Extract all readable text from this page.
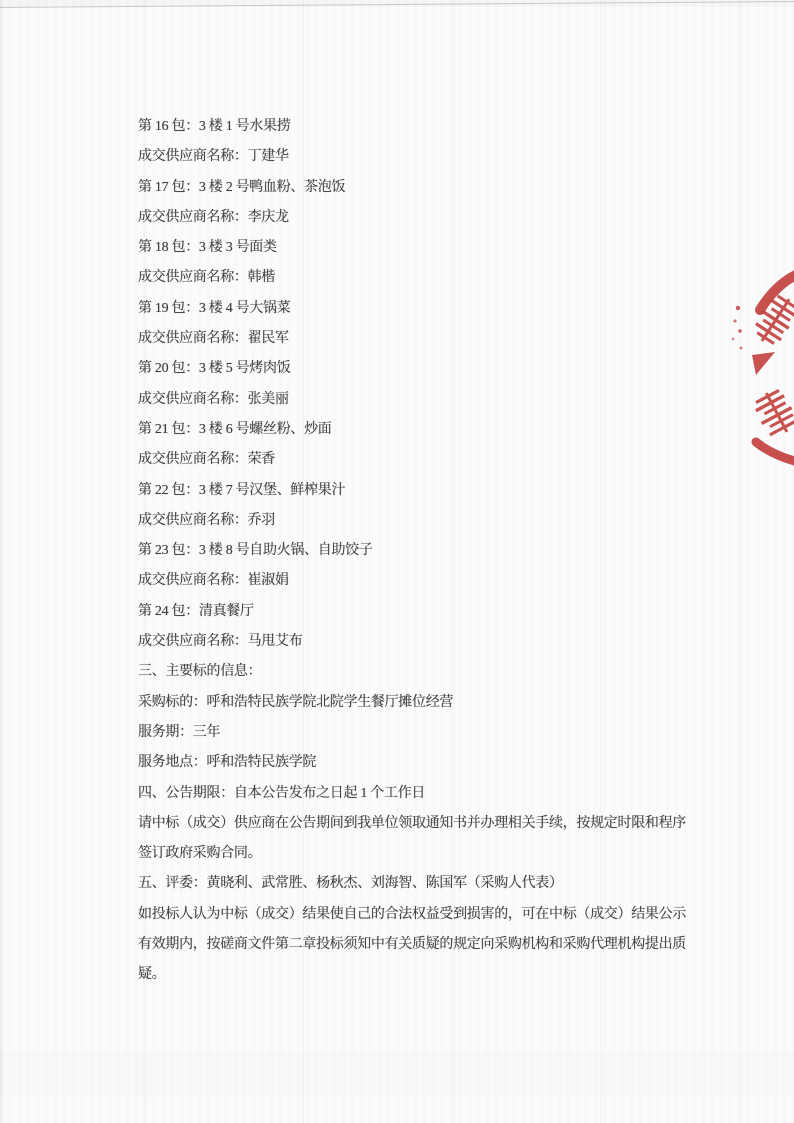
第 16 包：3 楼 1 号水果捞
成交供应商名称：丁建华
第 17 包：3 楼 2 号鸭血粉、茶泡饭
成交供应商名称：李庆龙
第 18 包：3 楼 3 号面类
成交供应商名称：韩楷
第 19 包：3 楼 4 号大锅菜
成交供应商名称：翟民军
第 20 包：3 楼 5 号烤肉饭
成交供应商名称：张美丽
第 21 包：3 楼 6 号螺丝粉、炒面
成交供应商名称：荣香
第 22 包：3 楼 7 号汉堡、鲜榨果汁
成交供应商名称：乔羽
第 23 包：3 楼 8 号自助火锅、自助饺子
成交供应商名称：崔淑娟
第 24 包：清真餐厅
成交供应商名称：马甩艾布
三、主要标的信息：
采购标的：呼和浩特民族学院北院学生餐厅摊位经营
服务期：三年
服务地点：呼和浩特民族学院
四、公告期限：自本公告发布之日起 1 个工作日
请中标（成交）供应商在公告期间到我单位领取通知书并办理相关手续，按规定时限和程序
签订政府采购合同。
五、评委：黄晓利、武常胜、杨秋杰、刘海智、陈国军（采购人代表）
如投标人认为中标（成交）结果使自己的合法权益受到损害的，可在中标（成交）结果公示
有效期内，按磋商文件第二章投标须知中有关质疑的规定向采购机构和采购代理机构提出质
疑。
